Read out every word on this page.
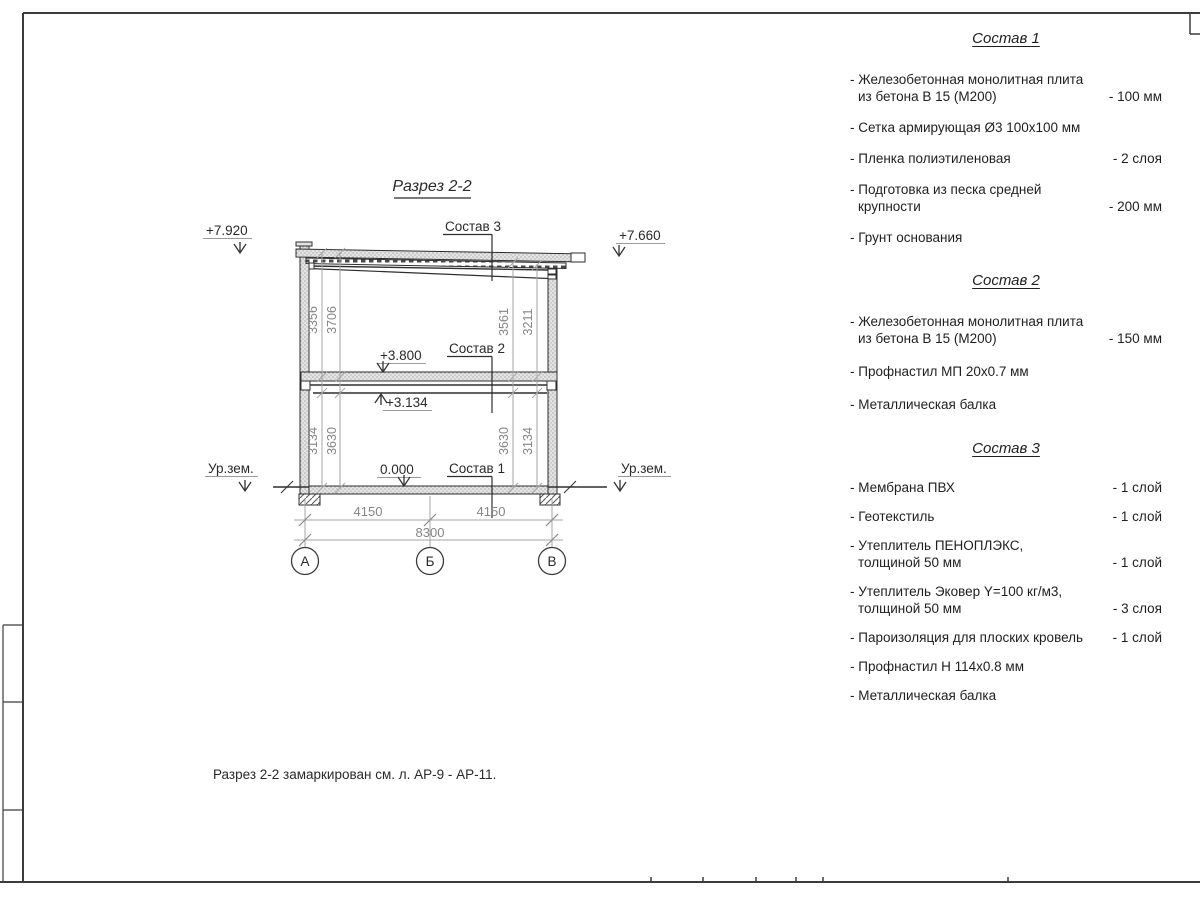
Разрез 2-2
3356 3706	3561 3211
3134 3630	3630 3134
Состав 3
Состав 2
Состав 1
+7.920	+7.660
+3.800
+3.134
0.000
Ур.зем.	Ур.зем.
4150	4150
8300
А	Б	В
Разрез 2-2 замаркирован см. л. АР-9 - АР-11.
Состав 1
- Железобетонная монолитная плита
из бетона В 15 (М200)	- 100 мм
- Сетка армирующая Ø3 100х100 мм
- Пленка полиэтиленовая	- 2 слоя
- Подготовка из песка средней
крупности	- 200 мм
- Грунт основания
Состав 2
- Железобетонная монолитная плита
из бетона В 15 (М200)	- 150 мм
- Профнастил МП 20х0.7 мм
- Металлическая балка
Состав 3
- Мембрана ПВХ	- 1 слой
- Геотекстиль	- 1 слой
- Утеплитель ПЕНОПЛЭКС,
толщиной 50 мм	- 1 слой
- Утеплитель Эковер Y=100 кг/м3,
толщиной 50 мм	- 3 слоя
- Пароизоляция для плоских кровель	- 1 слой
- Профнастил Н 114х0.8 мм
- Металлическая балка
